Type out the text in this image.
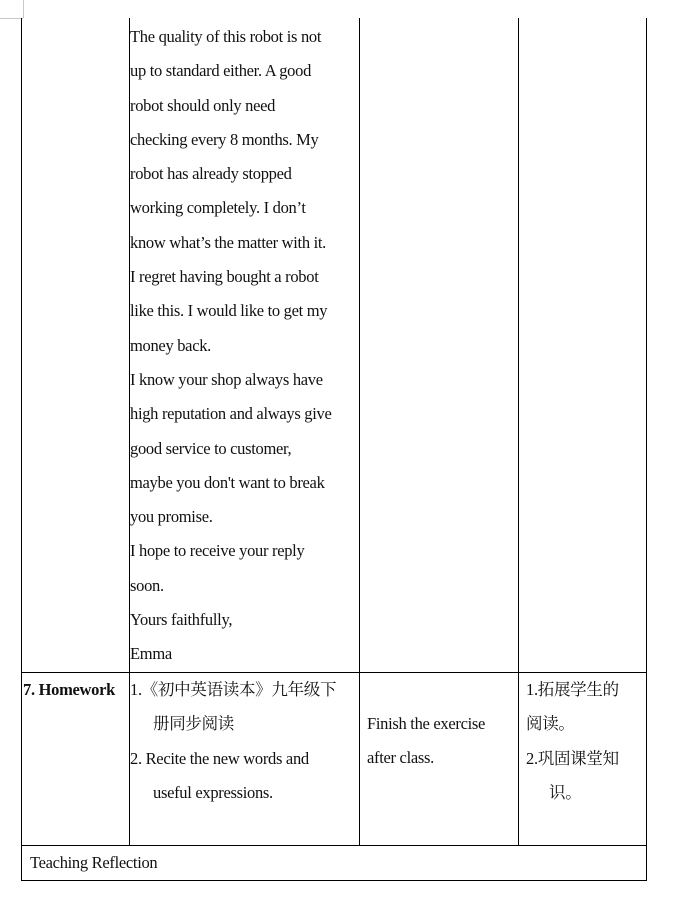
The quality of this robot is not
up to standard either. A good
robot should only need
checking every 8 months. My
robot has already stopped
working completely. I don’t
know what’s the matter with it.
I regret having bought a robot
like this. I would like to get my
money back.
I know your shop always have
high reputation and always give
good service to customer,
maybe you don't want to break
you promise.
I hope to receive your reply
soon.
Yours faithfully,
Emma
7. Homework 1.《初中英语读本》九年级下
册同步阅读
2. Recite the new words and
useful expressions.
Finish the exercise
after class.
1.拓展学生的
阅读。
2.巩固课堂知
识。
Teaching Reflection
